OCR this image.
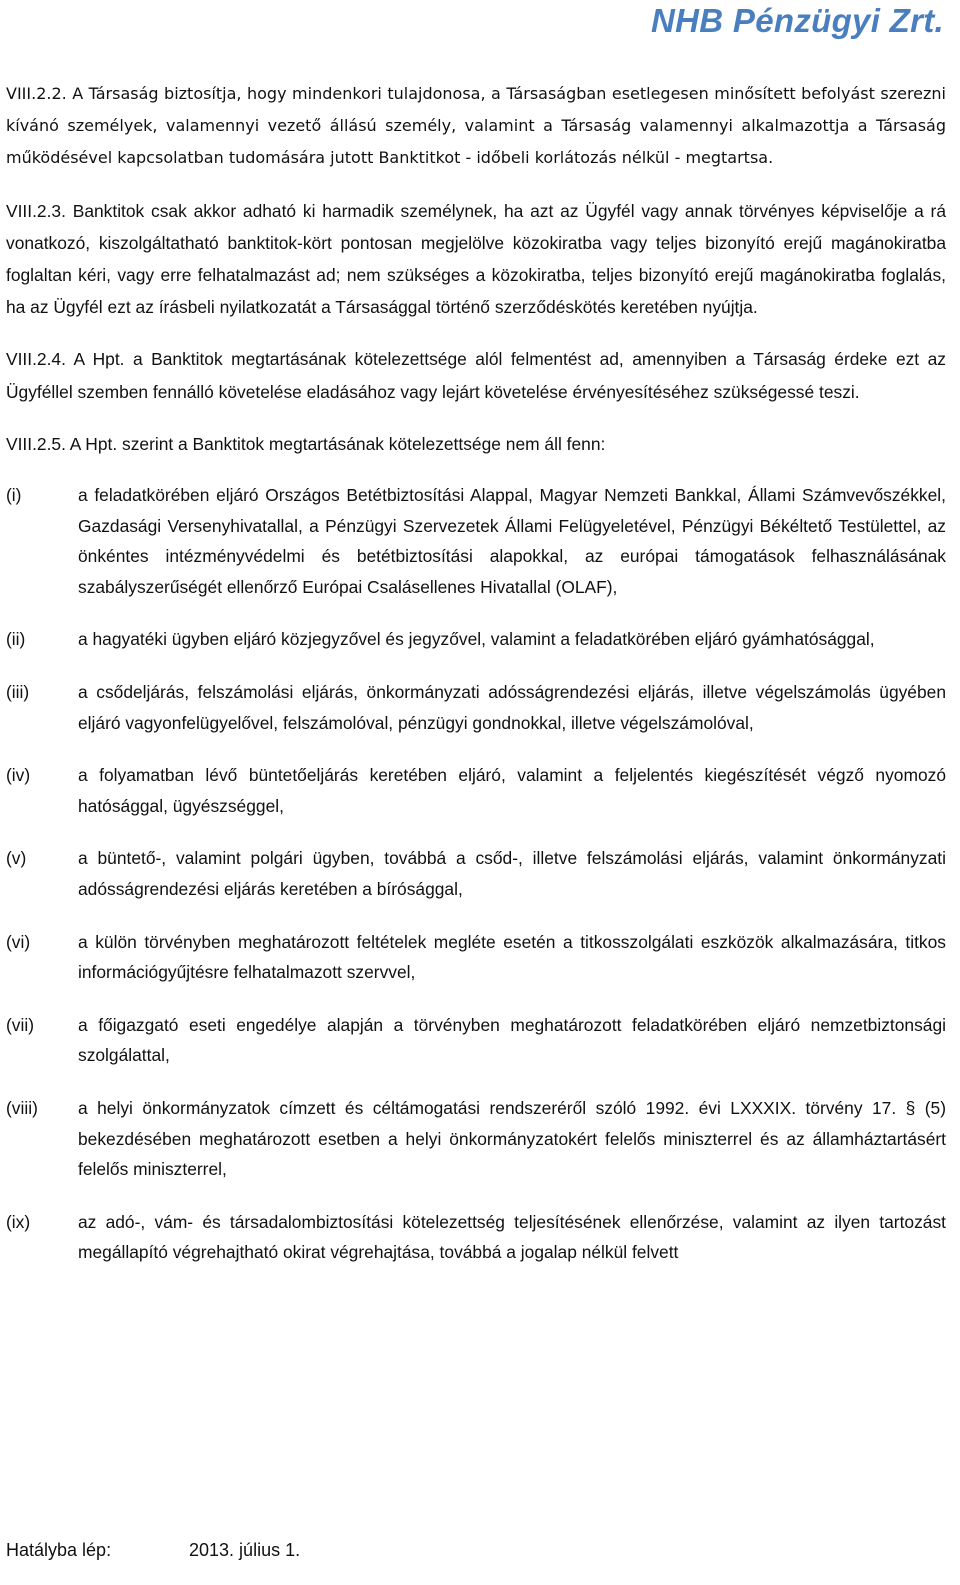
NHB Pénzügyi Zrt.

VIII.2.2. A Társaság biztosítja, hogy mindenkori tulajdonosa, a Társaságban esetlegesen minősített befolyást szerezni kívánó személyek, valamennyi vezető állású személy, valamint a Társaság valamennyi alkalmazottja a Társaság működésével kapcsolatban tudomására jutott Banktitkot - időbeli korlátozás nélkül - megtartsa.

VIII.2.3. Banktitok csak akkor adható ki harmadik személynek, ha azt az Ügyfél vagy annak törvényes képviselője a rá vonatkozó, kiszolgáltatható banktitok-kört pontosan megjelölve közokiratba vagy teljes bizonyító erejű magánokiratba foglaltan kéri, vagy erre felhatalmazást ad; nem szükséges a közokiratba, teljes bizonyító erejű magánokiratba foglalás, ha az Ügyfél ezt az írásbeli nyilatkozatát a Társasággal történő szerződéskötés keretében nyújtja.

VIII.2.4. A Hpt. a Banktitok megtartásának kötelezettsége alól felmentést ad, amennyiben a Társaság érdeke ezt az Ügyféllel szemben fennálló követelése eladásához vagy lejárt követelése érvényesítéséhez szükségessé teszi.

VIII.2.5. A Hpt. szerint a Banktitok megtartásának kötelezettsége nem áll fenn:

(i)	a feladatkörében eljáró Országos Betétbiztosítási Alappal, Magyar Nemzeti Bankkal, Állami Számvevőszékkel, Gazdasági Versenyhivatallal, a Pénzügyi Szervezetek Állami Felügyeletével, Pénzügyi Békéltető Testülettel, az önkéntes intézményvédelmi és betétbiztosítási alapokkal, az európai támogatások felhasználásának szabályszerűségét ellenőrző Európai Csalásellenes Hivatallal (OLAF),
(ii)	a hagyatéki ügyben eljáró közjegyzővel és jegyzővel, valamint a feladatkörében eljáró gyámhatósággal,
(iii)	a csődeljárás, felszámolási eljárás, önkormányzati adósságrendezési eljárás, illetve végelszámolás ügyében eljáró vagyonfelügyelővel, felszámolóval, pénzügyi gondnokkal, illetve végelszámolóval,
(iv)	a folyamatban lévő büntetőeljárás keretében eljáró, valamint a feljelentés kiegészítését végző nyomozó hatósággal, ügyészséggel,
(v)	a büntető-, valamint polgári ügyben, továbbá a csőd-, illetve felszámolási eljárás, valamint önkormányzati adósságrendezési eljárás keretében a bírósággal,
(vi)	a külön törvényben meghatározott feltételek megléte esetén a titkosszolgálati eszközök alkalmazására, titkos információgyűjtésre felhatalmazott szervvel,
(vii)	a főigazgató eseti engedélye alapján a törvényben meghatározott feladatkörében eljáró nemzetbiztonsági szolgálattal,
(viii)	a helyi önkormányzatok címzett és céltámogatási rendszeréről szóló 1992. évi LXXXIX. törvény 17. § (5) bekezdésében meghatározott esetben a helyi önkormányzatokért felelős miniszterrel és az államháztartásért felelős miniszterrel,
(ix)	az adó-, vám- és társadalombiztosítási kötelezettség teljesítésének ellenőrzése, valamint az ilyen tartozást megállapító végrehajtható okirat végrehajtása, továbbá a jogalap nélkül felvett
Hatályba lép:	2013. július 1.
